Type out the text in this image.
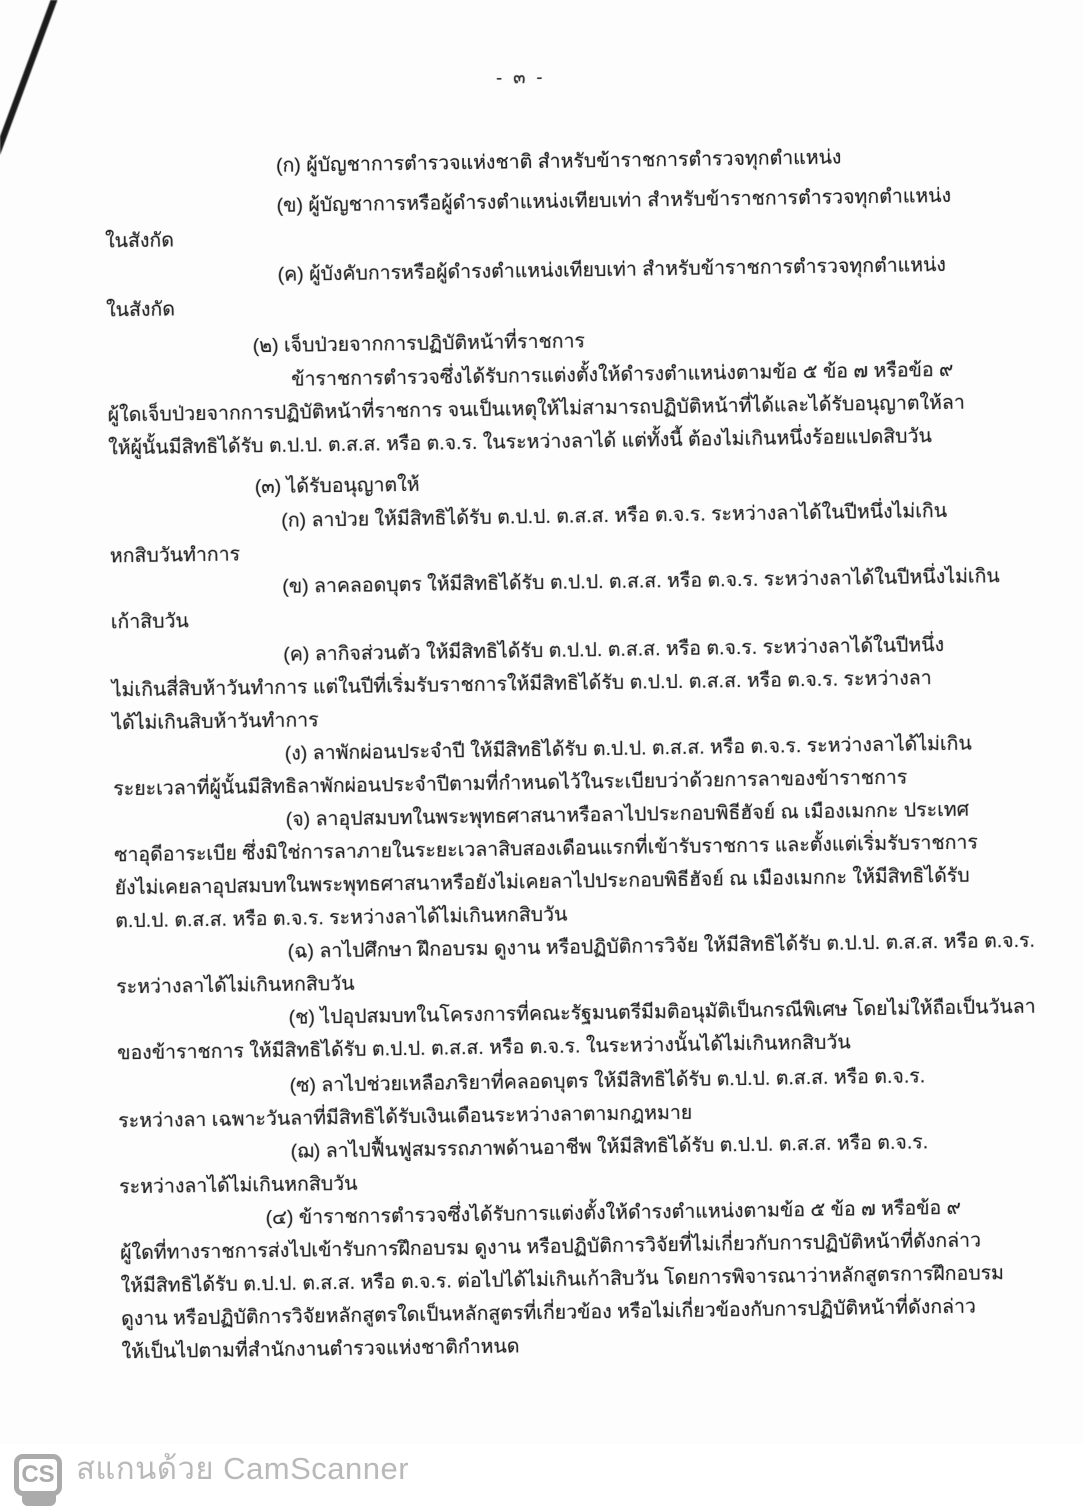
- ๓ -
(ก) ผู้บัญชาการตำรวจแห่งชาติ สำหรับข้าราชการตำรวจทุกตำแหน่ง
(ข) ผู้บัญชาการหรือผู้ดำรงตำแหน่งเทียบเท่า สำหรับข้าราชการตำรวจทุกตำแหน่ง
ในสังกัด
(ค) ผู้บังคับการหรือผู้ดำรงตำแหน่งเทียบเท่า สำหรับข้าราชการตำรวจทุกตำแหน่ง
ในสังกัด
(๒) เจ็บป่วยจากการปฏิบัติหน้าที่ราชการ
ข้าราชการตำรวจซึ่งได้รับการแต่งตั้งให้ดำรงตำแหน่งตามข้อ ๕ ข้อ ๗ หรือข้อ ๙
ผู้ใดเจ็บป่วยจากการปฏิบัติหน้าที่ราชการ จนเป็นเหตุให้ไม่สามารถปฏิบัติหน้าที่ได้และได้รับอนุญาตให้ลา
ให้ผู้นั้นมีสิทธิได้รับ ต.ป.ป. ต.ส.ส. หรือ ต.จ.ร. ในระหว่างลาได้ แต่ทั้งนี้ ต้องไม่เกินหนึ่งร้อยแปดสิบวัน
(๓) ได้รับอนุญาตให้
(ก) ลาป่วย ให้มีสิทธิได้รับ ต.ป.ป. ต.ส.ส. หรือ ต.จ.ร. ระหว่างลาได้ในปีหนึ่งไม่เกิน
หกสิบวันทำการ
(ข) ลาคลอดบุตร ให้มีสิทธิได้รับ ต.ป.ป. ต.ส.ส. หรือ ต.จ.ร. ระหว่างลาได้ในปีหนึ่งไม่เกิน
เก้าสิบวัน
(ค) ลากิจส่วนตัว ให้มีสิทธิได้รับ ต.ป.ป. ต.ส.ส. หรือ ต.จ.ร. ระหว่างลาได้ในปีหนึ่ง
ไม่เกินสี่สิบห้าวันทำการ แต่ในปีที่เริ่มรับราชการให้มีสิทธิได้รับ ต.ป.ป. ต.ส.ส. หรือ ต.จ.ร. ระหว่างลา
ได้ไม่เกินสิบห้าวันทำการ
(ง) ลาพักผ่อนประจำปี ให้มีสิทธิได้รับ ต.ป.ป. ต.ส.ส. หรือ ต.จ.ร. ระหว่างลาได้ไม่เกิน
ระยะเวลาที่ผู้นั้นมีสิทธิลาพักผ่อนประจำปีตามที่กำหนดไว้ในระเบียบว่าด้วยการลาของข้าราชการ
(จ) ลาอุปสมบทในพระพุทธศาสนาหรือลาไปประกอบพิธีฮัจย์ ณ เมืองเมกกะ ประเทศ
ซาอุดีอาระเบีย ซึ่งมิใช่การลาภายในระยะเวลาสิบสองเดือนแรกที่เข้ารับราชการ และตั้งแต่เริ่มรับราชการ
ยังไม่เคยลาอุปสมบทในพระพุทธศาสนาหรือยังไม่เคยลาไปประกอบพิธีฮัจย์ ณ เมืองเมกกะ ให้มีสิทธิได้รับ
ต.ป.ป. ต.ส.ส. หรือ ต.จ.ร. ระหว่างลาได้ไม่เกินหกสิบวัน
(ฉ) ลาไปศึกษา ฝึกอบรม ดูงาน หรือปฏิบัติการวิจัย ให้มีสิทธิได้รับ ต.ป.ป. ต.ส.ส. หรือ ต.จ.ร.
ระหว่างลาได้ไม่เกินหกสิบวัน
(ช) ไปอุปสมบทในโครงการที่คณะรัฐมนตรีมีมติอนุมัติเป็นกรณีพิเศษ โดยไม่ให้ถือเป็นวันลา
ของข้าราชการ ให้มีสิทธิได้รับ ต.ป.ป. ต.ส.ส. หรือ ต.จ.ร. ในระหว่างนั้นได้ไม่เกินหกสิบวัน
(ซ) ลาไปช่วยเหลือภริยาที่คลอดบุตร ให้มีสิทธิได้รับ ต.ป.ป. ต.ส.ส. หรือ ต.จ.ร.
ระหว่างลา เฉพาะวันลาที่มีสิทธิได้รับเงินเดือนระหว่างลาตามกฎหมาย
(ฌ) ลาไปฟื้นฟูสมรรถภาพด้านอาชีพ ให้มีสิทธิได้รับ ต.ป.ป. ต.ส.ส. หรือ ต.จ.ร.
ระหว่างลาได้ไม่เกินหกสิบวัน
(๔) ข้าราชการตำรวจซึ่งได้รับการแต่งตั้งให้ดำรงตำแหน่งตามข้อ ๕ ข้อ ๗ หรือข้อ ๙
ผู้ใดที่ทางราชการส่งไปเข้ารับการฝึกอบรม ดูงาน หรือปฏิบัติการวิจัยที่ไม่เกี่ยวกับการปฏิบัติหน้าที่ดังกล่าว
ให้มีสิทธิได้รับ ต.ป.ป. ต.ส.ส. หรือ ต.จ.ร. ต่อไปได้ไม่เกินเก้าสิบวัน โดยการพิจารณาว่าหลักสูตรการฝึกอบรม
ดูงาน หรือปฏิบัติการวิจัยหลักสูตรใดเป็นหลักสูตรที่เกี่ยวข้อง หรือไม่เกี่ยวข้องกับการปฏิบัติหน้าที่ดังกล่าว
ให้เป็นไปตามที่สำนักงานตำรวจแห่งชาติกำหนด
CS สแกนด้วย CamScanner
